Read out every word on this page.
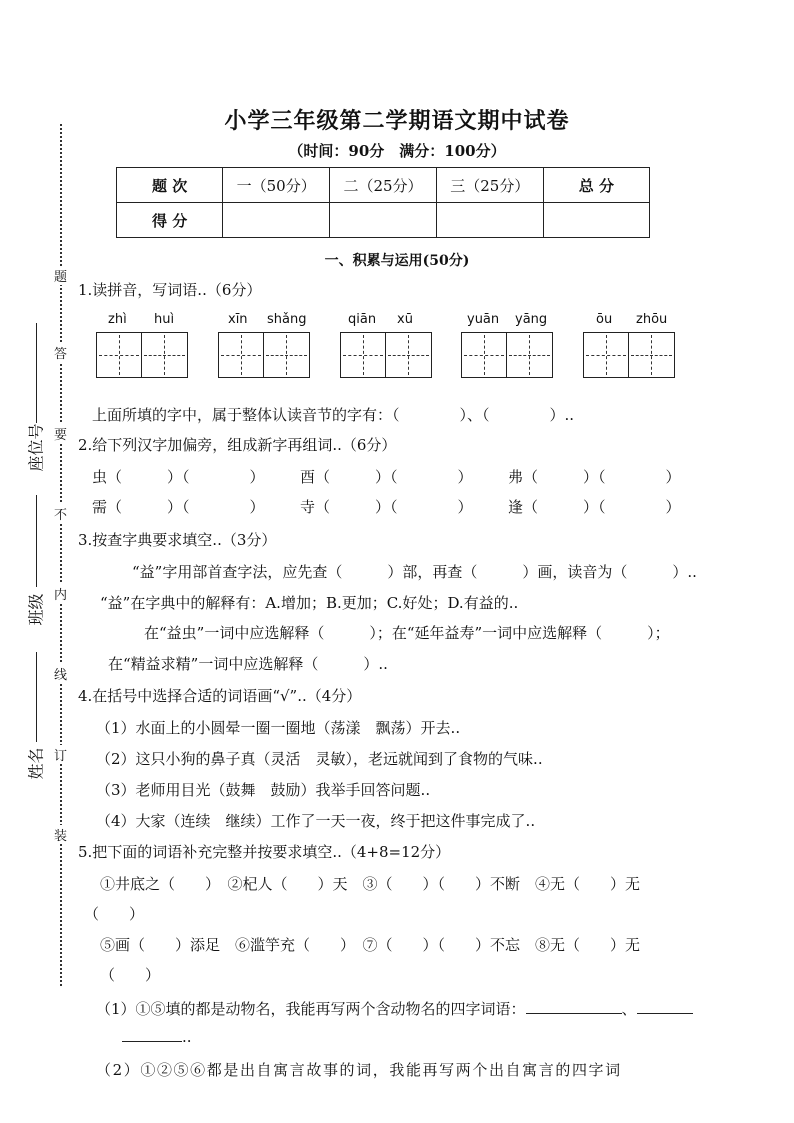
题
答
要
不
内
线
订
装
座位号
班级
姓名
小学三年级第二学期语文期中试卷
（时间：90分　满分：100分）
题 次	一（50分）	二（25分）	三（25分）	总 分
得 分				
一、积累与运用(50分)
1.读拼音，写词语..（6分）
zhì huì	xīn shǎng	qiān xū	yuān yāng	ōu zhōu
上面所填的字中，属于整体认读音节的字有：（　　　　）、（　　　　）..
2.给下列汉字加偏旁，组成新字再组词..（6分）
虫（　　　）（　　　　） 酉（　　　）（　　　　） 弗（　　　）（　　　　）
需（　　　）（　　　　） 寺（　　　）（　　　　） 逢（　　　）（　　　　）
3.按查字典要求填空..（3分）
“益”字用部首查字法，应先查（　　　）部，再查（　　　）画，读音为（　　　）..
“益”在字典中的解释有：A.增加；B.更加；C.好处；D.有益的..
在“益虫”一词中应选解释（　　　）；在“延年益寿”一词中应选解释（　　　）；
在“精益求精”一词中应选解释（　　　）..
4.在括号中选择合适的词语画“√”..（4分）
（1）水面上的小圆晕一圈一圈地（荡漾　飘荡）开去..
（2）这只小狗的鼻子真（灵活　灵敏），老远就闻到了食物的气味..
（3）老师用目光（鼓舞　鼓励）我举手回答问题..
（4）大家（连续　继续）工作了一天一夜，终于把这件事完成了..
5.把下面的词语补充完整并按要求填空..（4+8=12分）
①井底之（　　）　②杞人（　　）天　③（　　）（　　）不断　④无（　　）无
（　　）
⑤画（　　）添足　⑥滥竽充（　　）　⑦（　　）（　　）不忘　⑧无（　　）无
（　　）
（1）①⑤填的都是动物名，我能再写两个含动物名的四字词语：	、
..
（2）①②⑤⑥都是出自寓言故事的词，我能再写两个出自寓言的四字词
